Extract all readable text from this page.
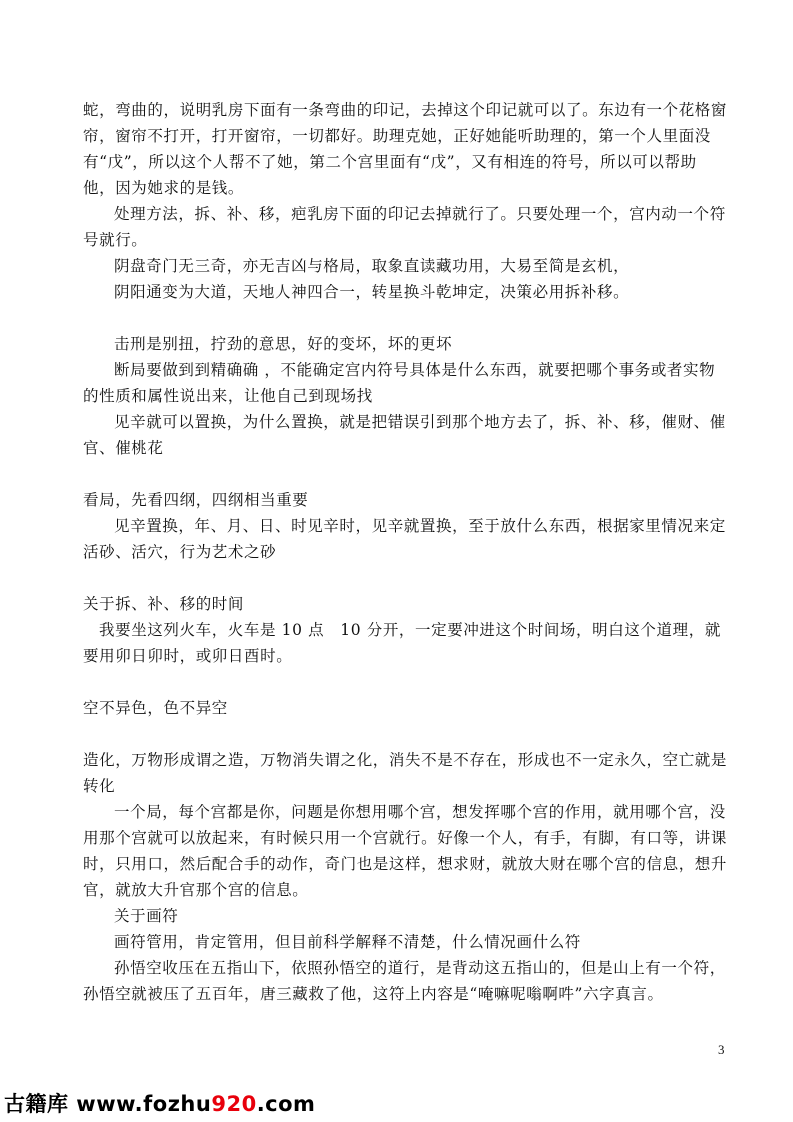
蛇，弯曲的，说明乳房下面有一条弯曲的印记，去掉这个印记就可以了。东边有一个花格窗帘，窗帘不打开，打开窗帘，一切都好。助理克她，正好她能听助理的，第一个人里面没有“戊”，所以这个人帮不了她，第二个宫里面有“戊”，又有相连的符号，所以可以帮助他，因为她求的是钱。

处理方法，拆、补、移，疤乳房下面的印记去掉就行了。只要处理一个，宫内动一个符号就行。

阴盘奇门无三奇，亦无吉凶与格局，取象直读藏功用，大易至简是玄机，

阴阳通变为大道，天地人神四合一，转星换斗乾坤定，决策必用拆补移。

击刑是别扭，拧劲的意思，好的变坏，坏的更坏

断局要做到到精确确 ，不能确定宫内符号具体是什么东西，就要把哪个事务或者实物的性质和属性说出来，让他自己到现场找

见辛就可以置换，为什么置换，就是把错误引到那个地方去了，拆、补、移，催财、催官、催桃花

看局，先看四纲，四纲相当重要

见辛置换，年、月、日、时见辛时，见辛就置换，至于放什么东西，根据家里情况来定活砂、活穴，行为艺术之砂

关于拆、补、移的时间

我要坐这列火车，火车是 10 点　10 分开，一定要冲进这个时间场，明白这个道理，就要用卯日卯时，或卯日酉时。

空不异色，色不异空

造化，万物形成谓之造，万物消失谓之化，消失不是不存在，形成也不一定永久，空亡就是转化

一个局，每个宫都是你，问题是你想用哪个宫，想发挥哪个宫的作用，就用哪个宫，没用那个宫就可以放起来，有时候只用一个宫就行。好像一个人，有手，有脚，有口等，讲课时，只用口，然后配合手的动作，奇门也是这样，想求财，就放大财在哪个宫的信息，想升官，就放大升官那个宫的信息。

关于画符

画符管用，肯定管用，但目前科学解释不清楚，什么情况画什么符

孙悟空收压在五指山下，依照孙悟空的道行，是背动这五指山的，但是山上有一个符，孙悟空就被压了五百年，唐三藏救了他，这符上内容是“唵嘛呢嗡啊吽”六字真言。

3
古籍库 www.fozhu920.com
